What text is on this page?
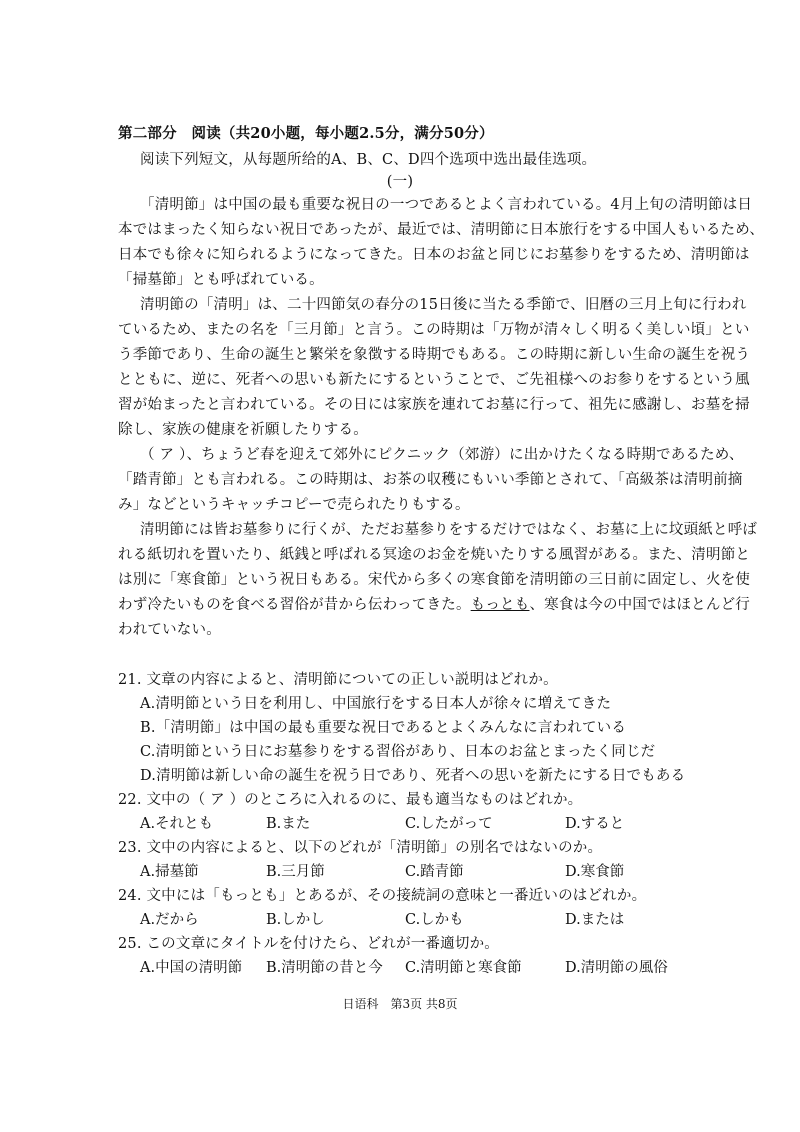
第二部分　阅读（共20小题，每小题2.5分，满分50分）
阅读下列短文，从每题所给的A、B、C、D四个选项中选出最佳选项。
(一)
「清明節」は中国の最も重要な祝日の一つであるとよく言われている。4月上旬の清明節は日
本ではまったく知らない祝日であったが、最近では、清明節に日本旅行をする中国人もいるため、
日本でも徐々に知られるようになってきた。日本のお盆と同じにお墓参りをするため、清明節は
「掃墓節」とも呼ばれている。
清明節の「清明」は、二十四節気の春分の15日後に当たる季節で、旧暦の三月上旬に行われ
ているため、またの名を「三月節」と言う。この時期は「万物が清々しく明るく美しい頃」とい
う季節であり、生命の誕生と繁栄を象徴する時期でもある。この時期に新しい生命の誕生を祝う
とともに、逆に、死者への思いも新たにするということで、ご先祖様へのお参りをするという風
習が始まったと言われている。その日には家族を連れてお墓に行って、祖先に感謝し、お墓を掃
除し、家族の健康を祈願したりする。
（ ア ）、ちょうど春を迎えて郊外にピクニック（郊游）に出かけたくなる時期であるため、
「踏青節」とも言われる。この時期は、お茶の収穫にもいい季節とされて、「高級茶は清明前摘
み」などというキャッチコピーで売られたりもする。
清明節には皆お墓参りに行くが、ただお墓参りをするだけではなく、お墓に上に坟頭紙と呼ば
れる紙切れを置いたり、紙銭と呼ばれる冥途のお金を焼いたりする風習がある。また、清明節と
は別に「寒食節」という祝日もある。宋代から多くの寒食節を清明節の三日前に固定し、火を使
わず冷たいものを食べる習俗が昔から伝わってきた。もっとも、寒食は今の中国ではほとんど行
われていない。
21. 文章の内容によると、清明節についての正しい説明はどれか。
A.清明節という日を利用し、中国旅行をする日本人が徐々に増えてきた
B.「清明節」は中国の最も重要な祝日であるとよくみんなに言われている
C.清明節という日にお墓参りをする習俗があり、日本のお盆とまったく同じだ
D.清明節は新しい命の誕生を祝う日であり、死者への思いを新たにする日でもある
22. 文中の（ ア ）のところに入れるのに、最も適当なものはどれか。
A.それとも	B.また	C.したがって	D.すると
23. 文中の内容によると、以下のどれが「清明節」の別名ではないのか。
A.掃墓節	B.三月節	C.踏青節	D.寒食節
24. 文中には「もっとも」とあるが、その接続詞の意味と一番近いのはどれか。
A.だから	B.しかし	C.しかも	D.または
25. この文章にタイトルを付けたら、どれが一番適切か。
A.中国の清明節 B.清明節の昔と今 C.清明節と寒食節	D.清明節の風俗
日语科　第3页 共8页
